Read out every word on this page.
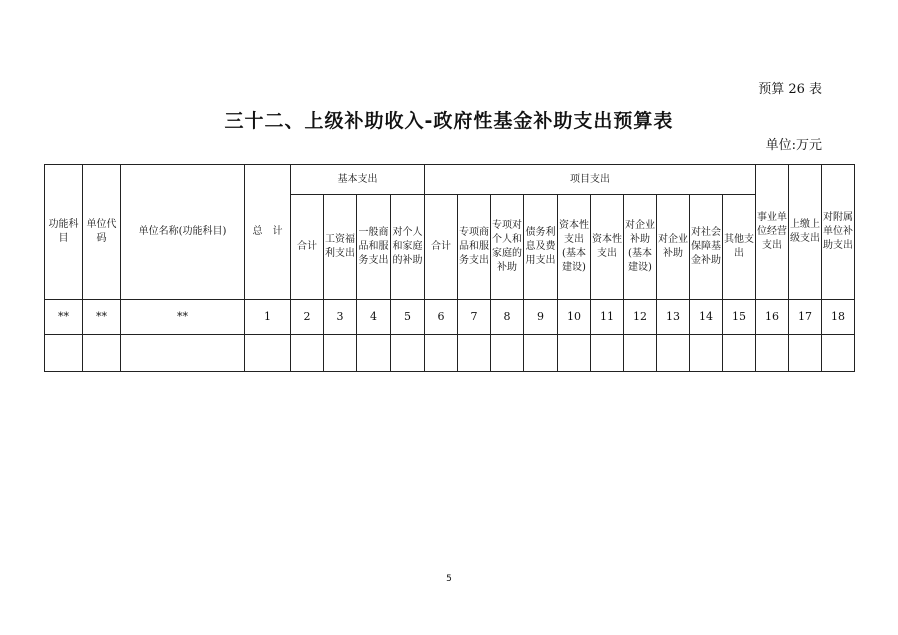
预算 26 表
三十二、上级补助收入-政府性基金补助支出预算表
单位:万元
功能科目	单位代码	单位名称(功能科目)	总　计	基本支出				项目支出										事业单位经营支出	上缴上级支出	对附属单位补助支出
				合计	工资福利支出	一般商品和服务支出	对个人和家庭的补助	合计	专项商品和服务支出	专项对个人和家庭的补助	债务利息及费用支出	资本性支出(基本建设)	资本性支出	对企业补助(基本建设)	对企业补助	对社会保障基金补助	其他支出			
**	**	**	1	2	3	4	5	6	7	8	9	10	11	12	13	14	15	16	17	18

5
